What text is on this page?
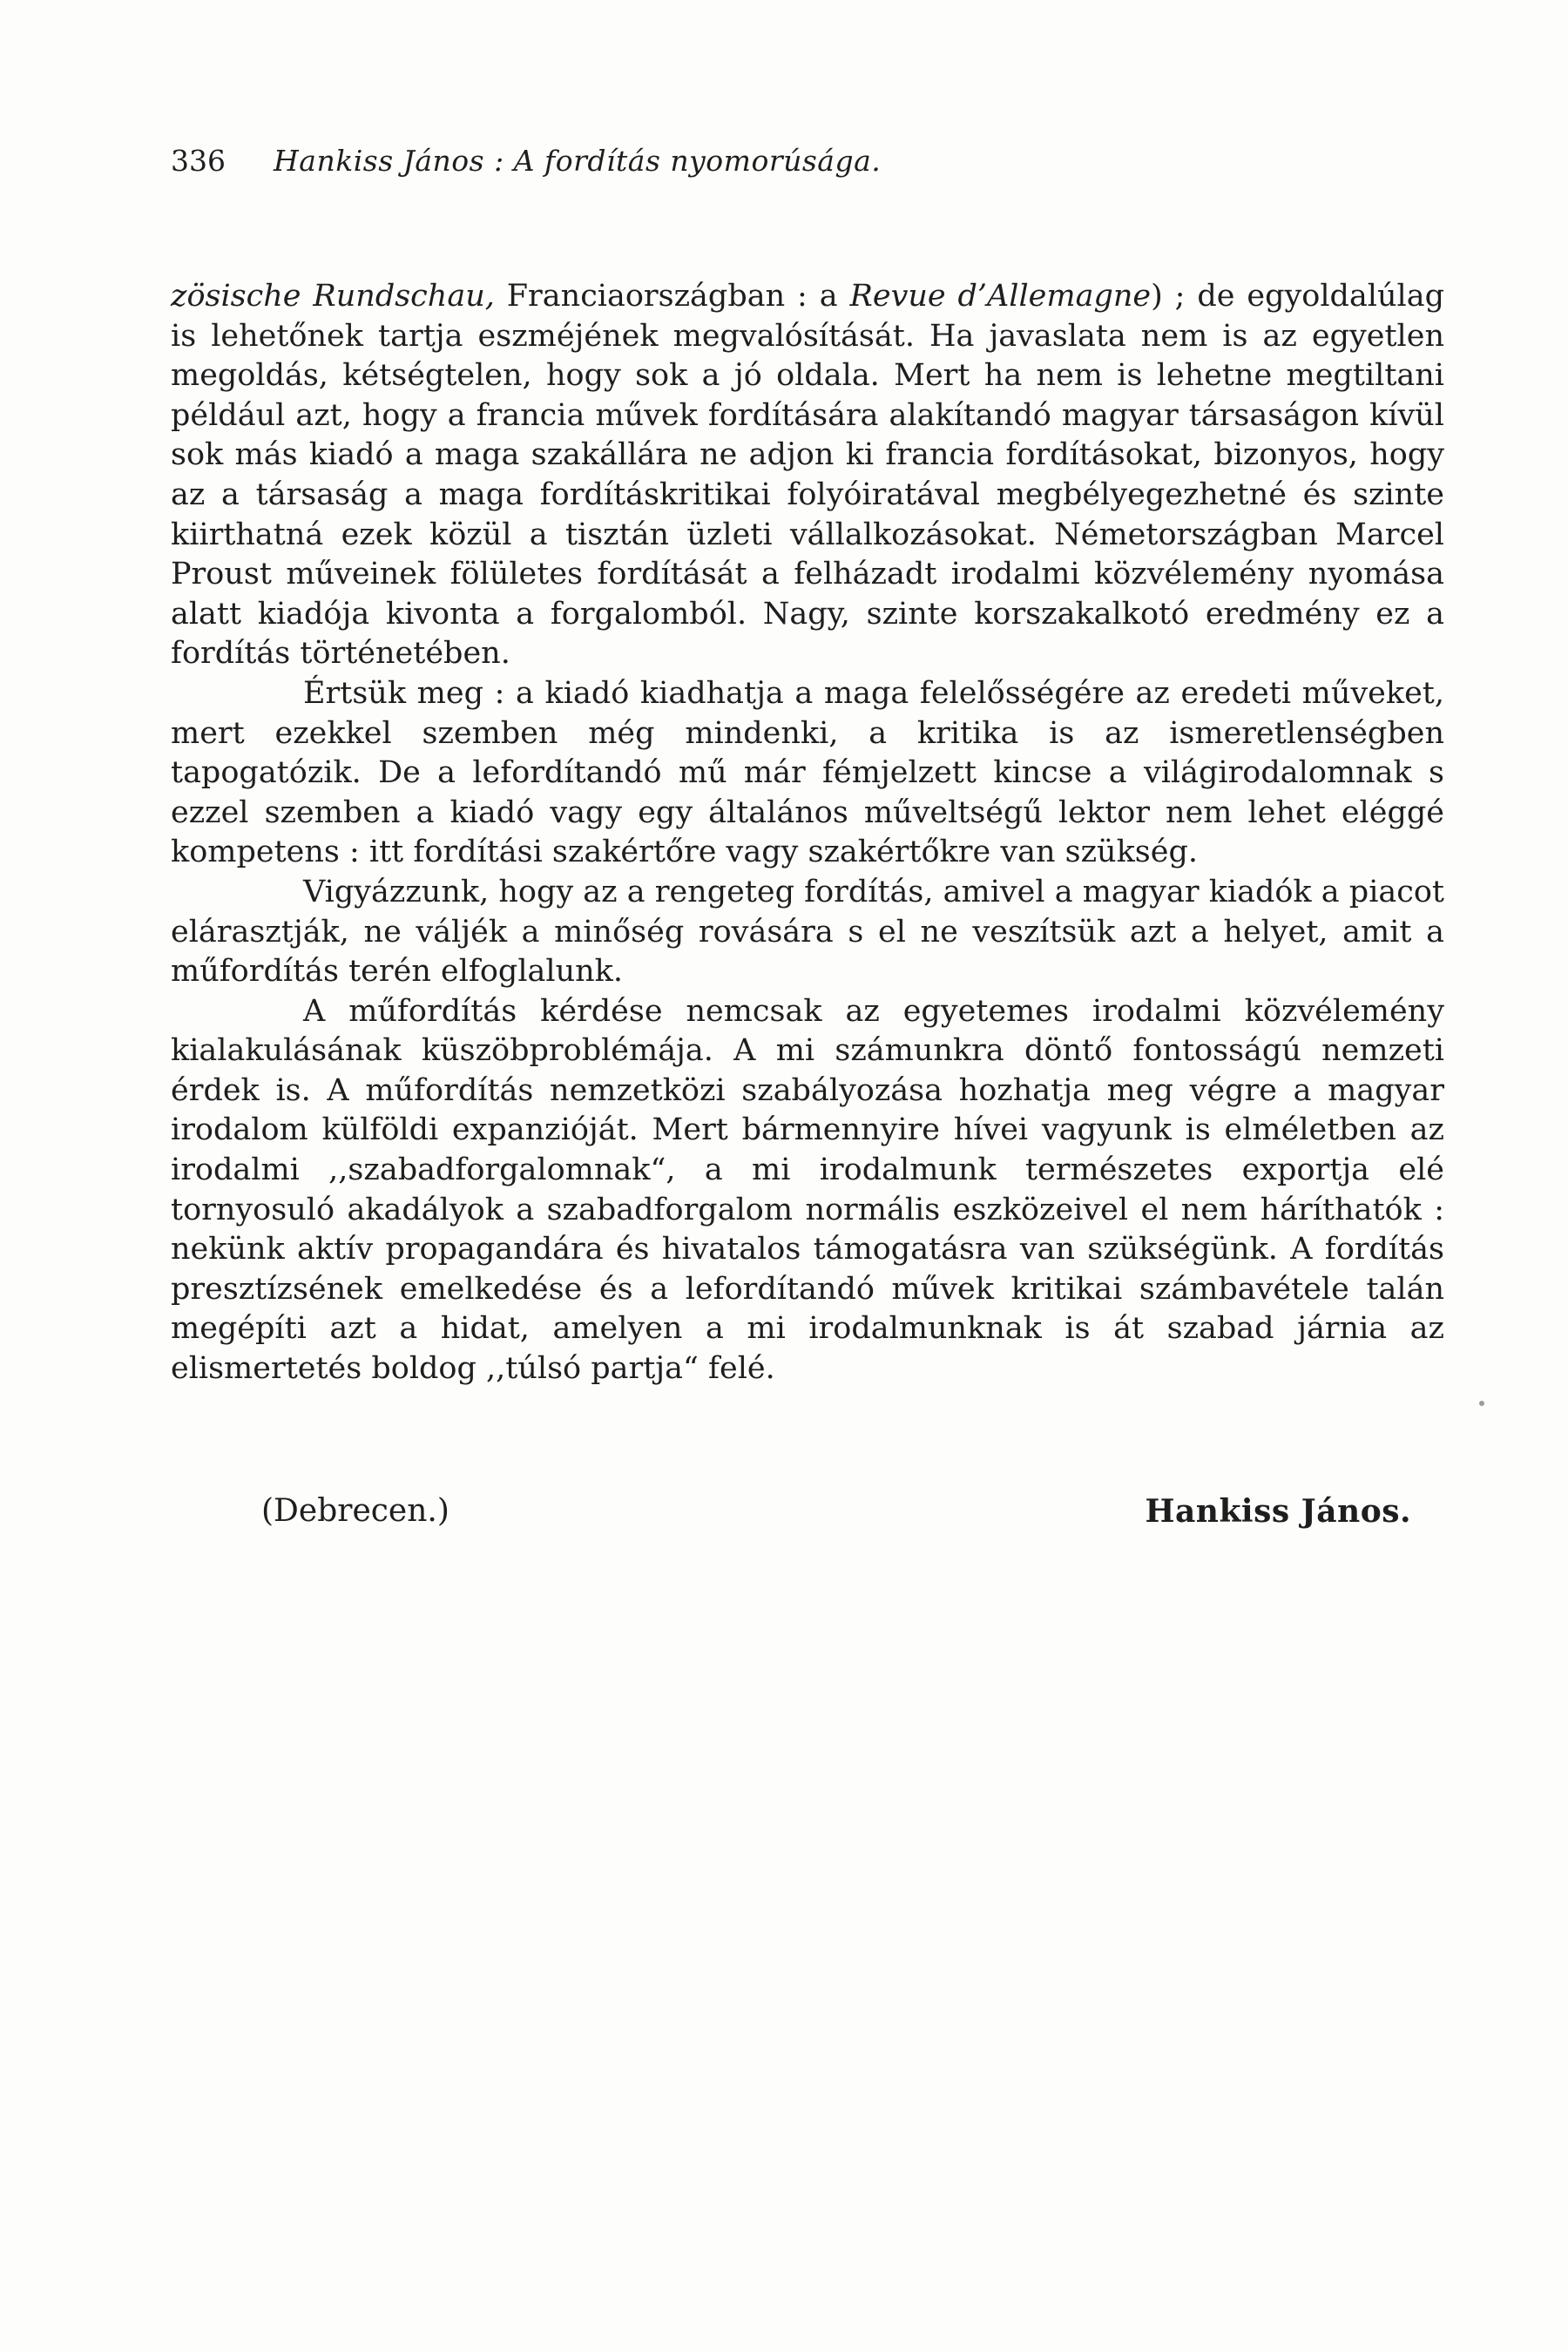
336 Hankiss János : A fordítás nyomorúsága.

zösische Rundschau, Franciaországban : a Revue d’Allemagne) ; de egyoldalúlag is lehetőnek tartja eszméjének megvalósítását. Ha javaslata nem is az egyetlen megoldás, kétségtelen, hogy sok a jó oldala. Mert ha nem is lehetne megtiltani például azt, hogy a francia művek fordítására alakítandó magyar társaságon kívül sok más kiadó a maga szakállára ne adjon ki francia fordításokat, bizonyos, hogy az a társaság a maga fordításkritikai folyóiratával megbélyegezhetné és szinte kiirthatná ezek közül a tisztán üzleti vállalkozásokat. Németországban Marcel Proust műveinek fölületes fordítását a felházadt irodalmi közvélemény nyomása alatt kiadója kivonta a forgalomból. Nagy, szinte korszakalkotó eredmény ez a fordítás történetében.

Értsük meg : a kiadó kiadhatja a maga felelősségére az eredeti műveket, mert ezekkel szemben még mindenki, a kritika is az ismeretlenségben tapogatózik. De a lefordítandó mű már fémjelzett kincse a világirodalomnak s ezzel szemben a kiadó vagy egy általános műveltségű lektor nem lehet eléggé kompetens : itt fordítási szakértőre vagy szakértőkre van szükség.

Vigyázzunk, hogy az a rengeteg fordítás, amivel a magyar kiadók a piacot elárasztják, ne váljék a minőség rovására s el ne veszítsük azt a helyet, amit a műfordítás terén elfoglalunk.

A műfordítás kérdése nemcsak az egyetemes irodalmi közvélemény kialakulásának küszöbproblémája. A mi számunkra döntő fontosságú nemzeti érdek is. A műfordítás nemzetközi szabályozása hozhatja meg végre a magyar irodalom külföldi expanzióját. Mert bármennyire hívei vagyunk is elméletben az irodalmi ,,szabadforgalomnak“, a mi irodalmunk természetes exportja elé tornyosuló akadályok a szabadforgalom normális eszközeivel el nem háríthatók : nekünk aktív propagandára és hivatalos támogatásra van szükségünk. A fordítás presztízsének emelkedése és a lefordítandó művek kritikai számbavétele talán megépíti azt a hidat, amelyen a mi irodalmunknak is át szabad járnia az elismertetés boldog ,,túlsó partja“ felé.

(Debrecen.)	Hankiss János.
